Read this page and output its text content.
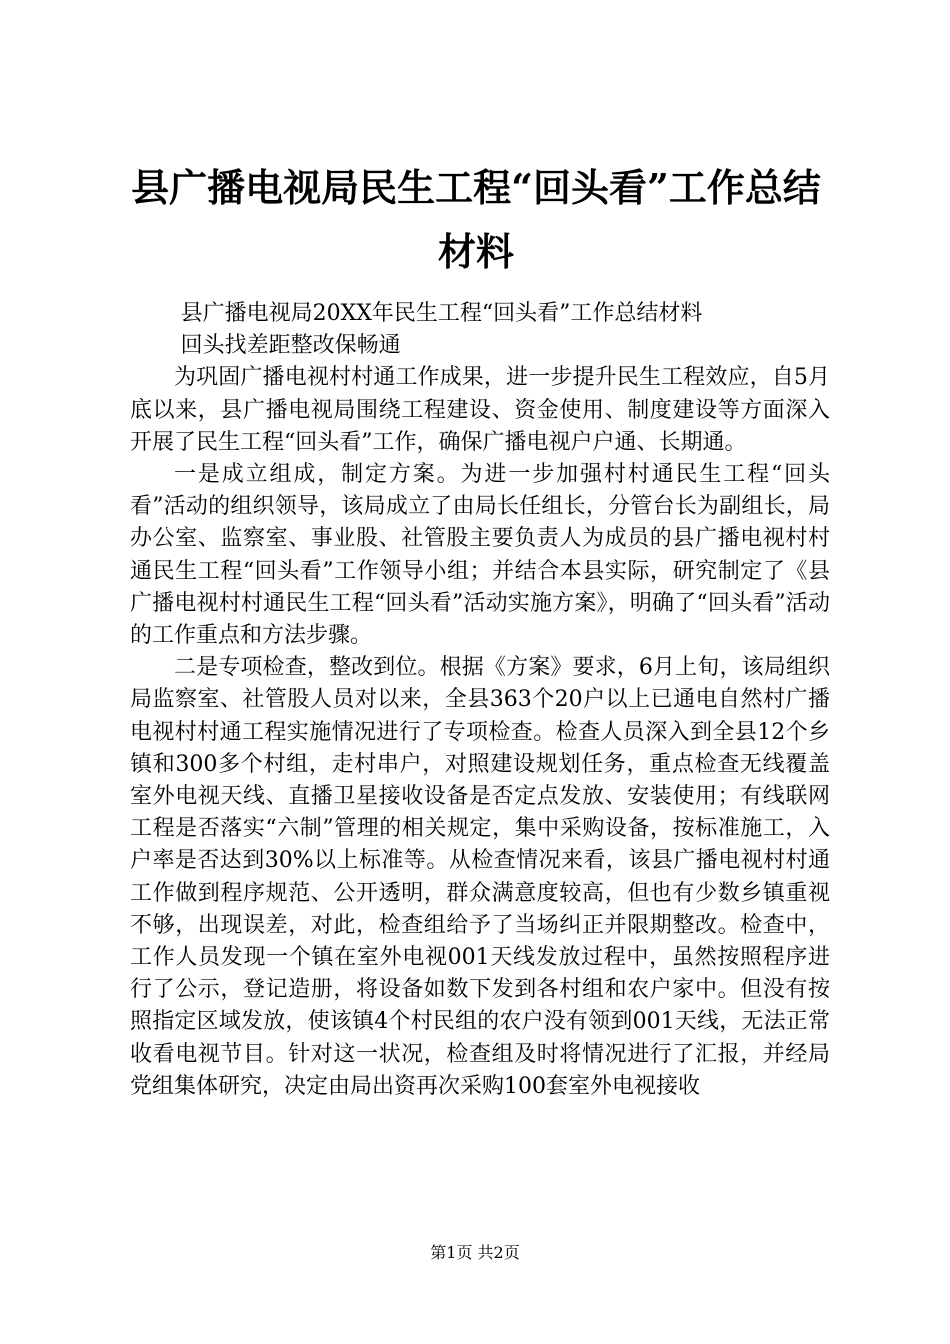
县广播电视局民生工程“回头看”工作总结材料

县广播电视局20XX年民生工程“回头看”工作总结材料

回头找差距整改保畅通

为巩固广播电视村村通工作成果，进一步提升民生工程效应，自5月底以来，县广播电视局围绕工程建设、资金使用、制度建设等方面深入开展了民生工程“回头看”工作，确保广播电视户户通、长期通。

一是成立组成，制定方案。为进一步加强村村通民生工程“回头看”活动的组织领导，该局成立了由局长任组长，分管台长为副组长，局办公室、监察室、事业股、社管股主要负责人为成员的县广播电视村村通民生工程“回头看”工作领导小组；并结合本县实际，研究制定了《县广播电视村村通民生工程“回头看”活动实施方案》，明确了“回头看”活动的工作重点和方法步骤。

二是专项检查，整改到位。根据《方案》要求，6月上旬，该局组织局监察室、社管股人员对以来，全县363个20户以上已通电自然村广播电视村村通工程实施情况进行了专项检查。检查人员深入到全县12个乡镇和300多个村组，走村串户，对照建设规划任务，重点检查无线覆盖室外电视天线、直播卫星接收设备是否定点发放、安装使用；有线联网工程是否落实“六制”管理的相关规定，集中采购设备，按标准施工，入户率是否达到30%以上标准等。从检查情况来看，该县广播电视村村通工作做到程序规范、公开透明，群众满意度较高，但也有少数乡镇重视不够，出现误差，对此，检查组给予了当场纠正并限期整改。检查中，工作人员发现一个镇在室外电视001天线发放过程中，虽然按照程序进行了公示，登记造册，将设备如数下发到各村组和农户家中。但没有按照指定区域发放，使该镇4个村民组的农户没有领到001天线，无法正常收看电视节目。针对这一状况，检查组及时将情况进行了汇报，并经局党组集体研究，决定由局出资再次采购100套室外电视接收

第1页 共2页
